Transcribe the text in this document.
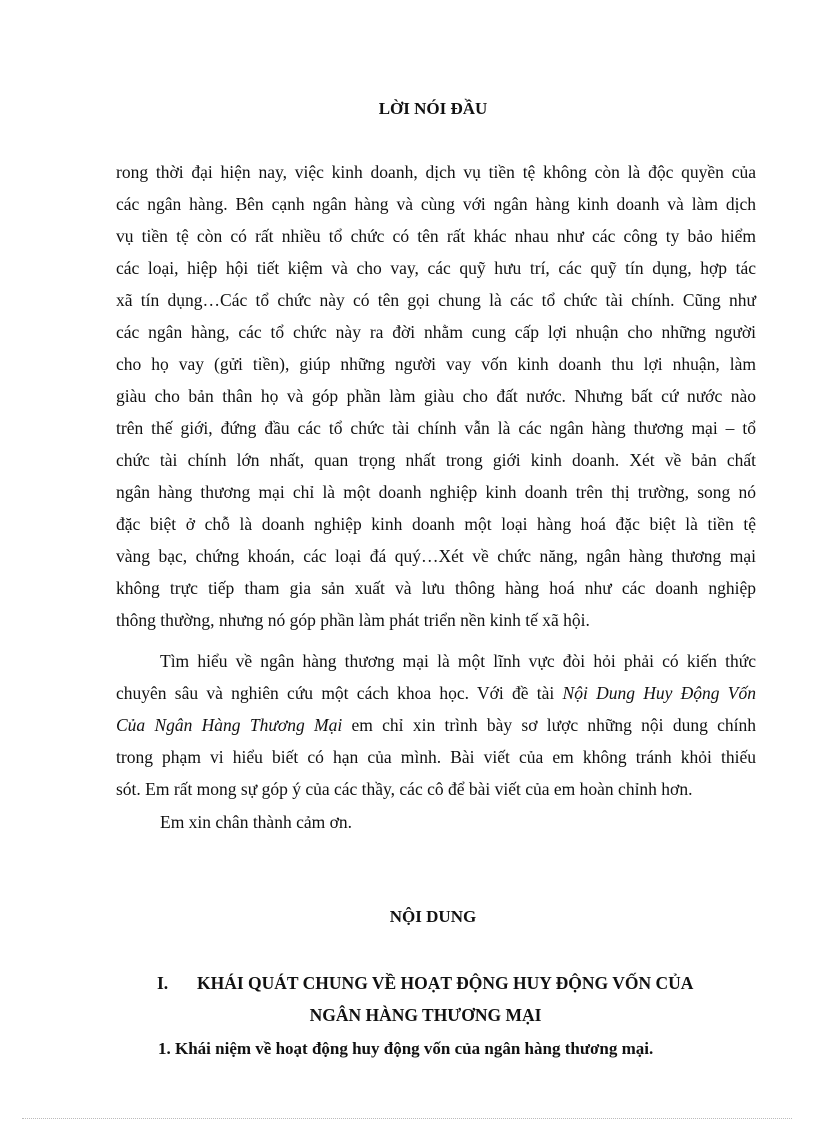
LỜI NÓI ĐẦU
rong thời đại hiện nay, việc kinh doanh, dịch vụ tiền tệ không còn là độc quyền của
các ngân hàng. Bên cạnh ngân hàng và cùng với ngân hàng kinh doanh và làm dịch
vụ tiền tệ còn có rất nhiều tổ chức có tên rất khác nhau như các công ty bảo hiểm
các loại, hiệp hội tiết kiệm và cho vay, các quỹ hưu trí, các quỹ tín dụng, hợp tác
xã tín dụng…Các tổ chức này có tên gọi chung là các tổ chức tài chính. Cũng như
các ngân hàng, các tổ chức này ra đời nhằm cung cấp lợi nhuận cho những người
cho họ vay (gửi tiền), giúp những người vay vốn kinh doanh thu lợi nhuận, làm
giàu cho bản thân họ và góp phần làm giàu cho đất nước. Nhưng bất cứ nước nào
trên thế giới, đứng đầu các tổ chức tài chính vẫn là các ngân hàng thương mại – tổ
chức tài chính lớn nhất, quan trọng nhất trong giới kinh doanh. Xét về bản chất
ngân hàng thương mại chỉ là một doanh nghiệp kinh doanh trên thị trường, song nó
đặc biệt ở chỗ là doanh nghiệp kinh doanh một loại hàng hoá đặc biệt là tiền tệ
vàng bạc, chứng khoán, các loại đá quý…Xét về chức năng, ngân hàng thương mại
không trực tiếp tham gia sản xuất và lưu thông hàng hoá như các doanh nghiệp
thông thường, nhưng nó góp phần làm phát triển nền kinh tế xã hội.
Tìm hiểu về ngân hàng thương mại là một lĩnh vực đòi hỏi phải có kiến thức
chuyên sâu và nghiên cứu một cách khoa học. Với đề tài Nội Dung Huy Động Vốn
Của Ngân Hàng Thương Mại em chỉ xin trình bày sơ lược những nội dung chính
trong phạm vi hiểu biết có hạn của mình. Bài viết của em không tránh khỏi thiếu
sót. Em rất mong sự góp ý của các thầy, các cô để bài viết của em hoàn chỉnh hơn.
Em xin chân thành cảm ơn.
NỘI DUNG
I. KHÁI QUÁT CHUNG VỀ HOẠT ĐỘNG HUY ĐỘNG VỐN CỦA
NGÂN HÀNG THƯƠNG MẠI
1. Khái niệm về hoạt động huy động vốn của ngân hàng thương mại.
